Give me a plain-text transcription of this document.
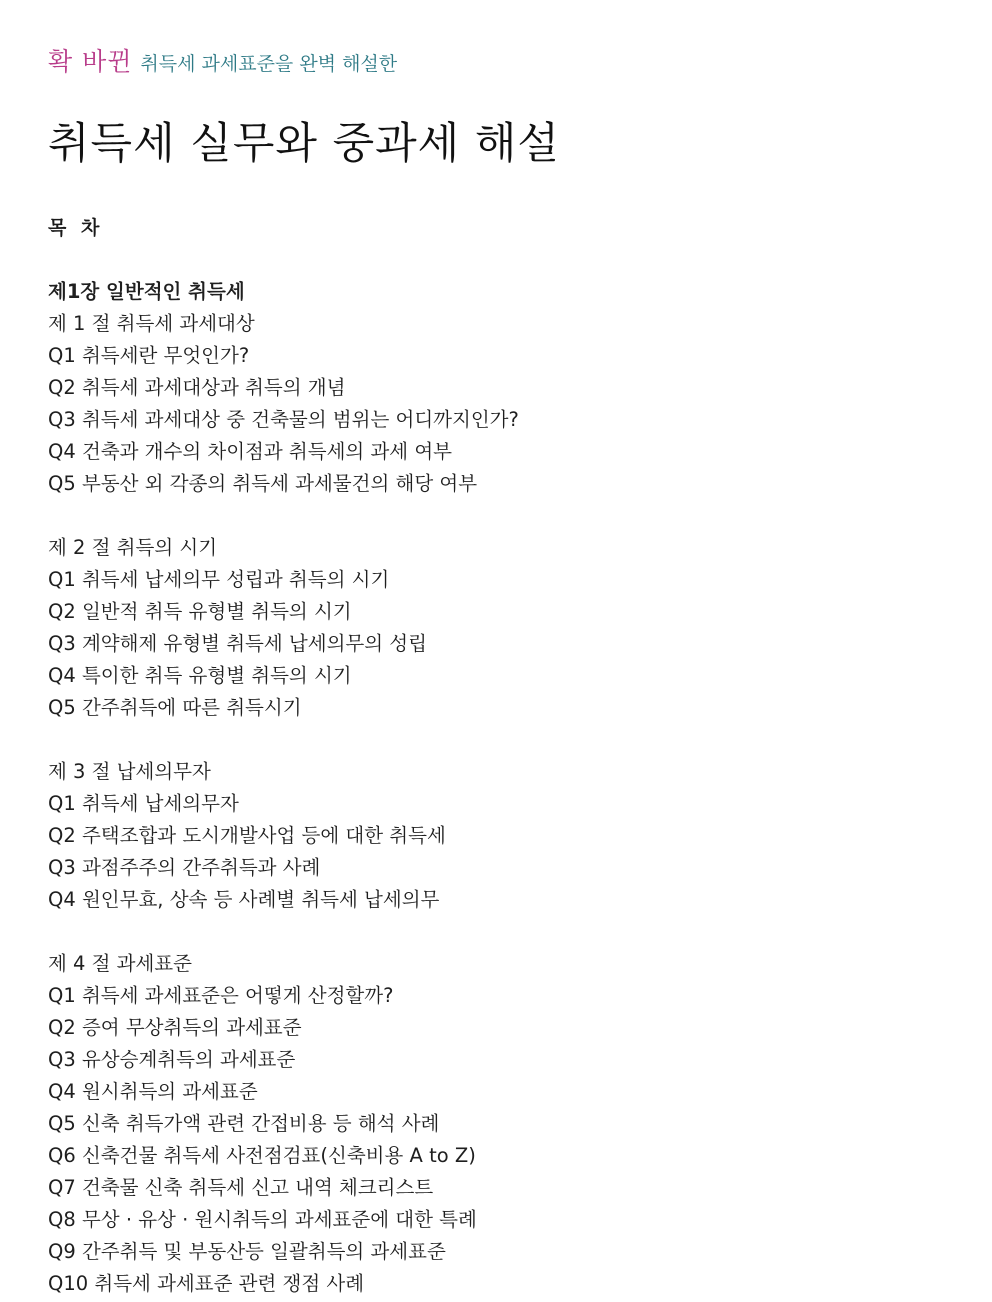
확 바뀐 취득세 과세표준을 완벽 해설한
취득세 실무와 중과세 해설
목 차
제1장 일반적인 취득세
제 1 절 취득세 과세대상
Q1 취득세란 무엇인가?
Q2 취득세 과세대상과 취득의 개념
Q3 취득세 과세대상 중 건축물의 범위는 어디까지인가?
Q4 건축과 개수의 차이점과 취득세의 과세 여부
Q5 부동산 외 각종의 취득세 과세물건의 해당 여부
제 2 절 취득의 시기
Q1 취득세 납세의무 성립과 취득의 시기
Q2 일반적 취득 유형별 취득의 시기
Q3 계약해제 유형별 취득세 납세의무의 성립
Q4 특이한 취득 유형별 취득의 시기
Q5 간주취득에 따른 취득시기
제 3 절 납세의무자
Q1 취득세 납세의무자
Q2 주택조합과 도시개발사업 등에 대한 취득세
Q3 과점주주의 간주취득과 사례
Q4 원인무효, 상속 등 사례별 취득세 납세의무
제 4 절 과세표준
Q1 취득세 과세표준은 어떻게 산정할까?
Q2 증여 무상취득의 과세표준
Q3 유상승계취득의 과세표준
Q4 원시취득의 과세표준
Q5 신축 취득가액 관련 간접비용 등 해석 사례
Q6 신축건물 취득세 사전점검표(신축비용 A to Z)
Q7 건축물 신축 취득세 신고 내역 체크리스트
Q8 무상 · 유상 · 원시취득의 과세표준에 대한 특례
Q9 간주취득 및 부동산등 일괄취득의 과세표준
Q10 취득세 과세표준 관련 쟁점 사례
